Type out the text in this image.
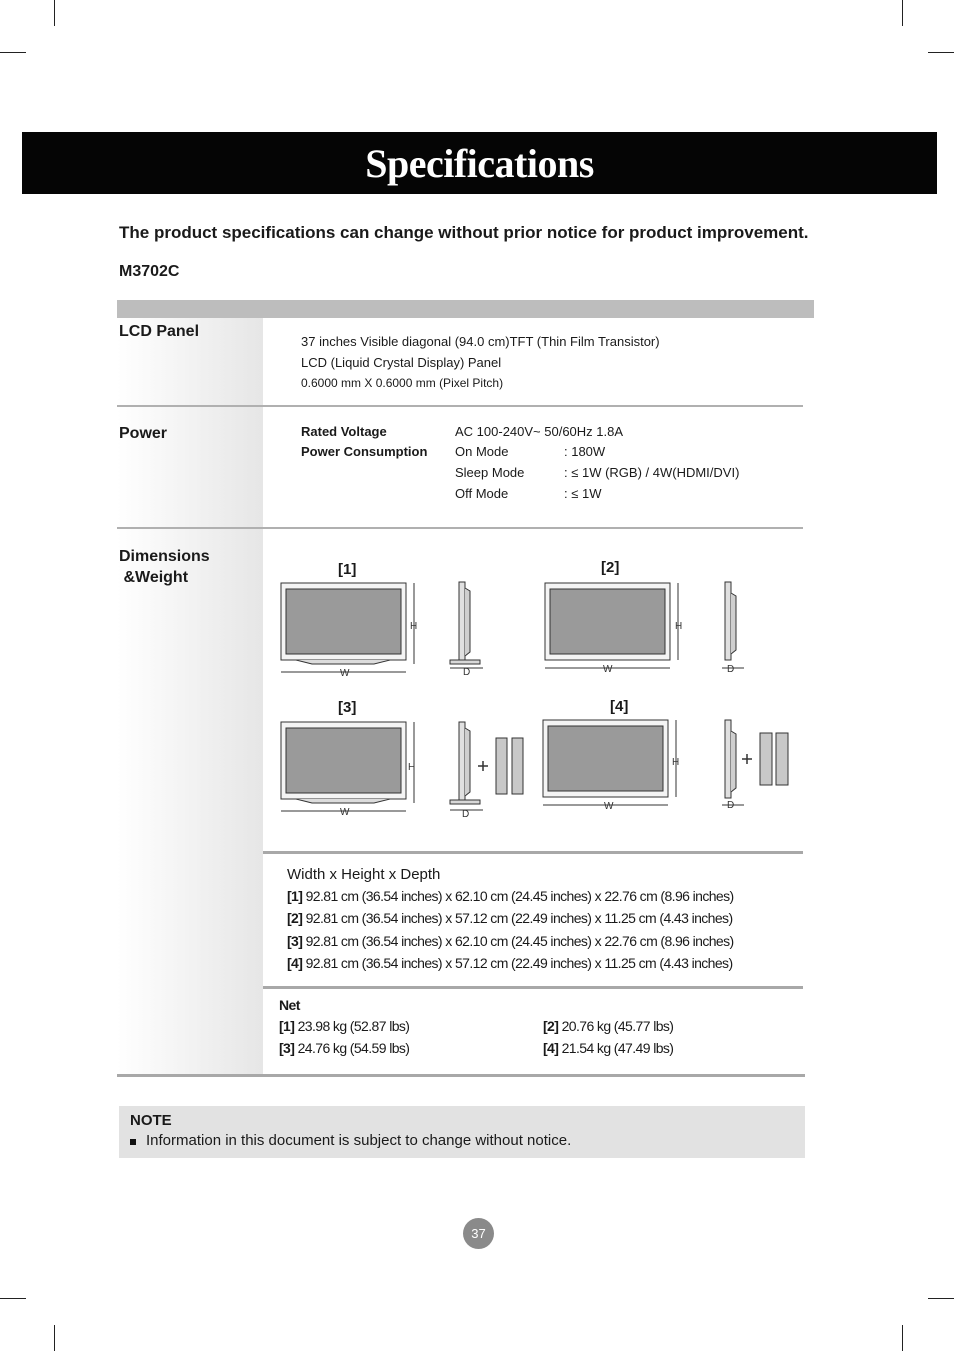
Specifications
The product specifications can change without prior notice for product improvement.
M3702C
LCD Panel
37 inches Visible diagonal (94.0 cm)TFT (Thin Film Transistor)
LCD (Liquid Crystal Display) Panel
0.6000 mm X 0.6000 mm (Pixel Pitch)
Power	Rated Voltage	AC 100-240V~ 50/60Hz 1.8A
Power Consumption On Mode	: 180W
Sleep Mode	: ≤ 1W (RGB) / 4W(HDMI/DVI)
Off Mode	: ≤ 1W
Dimensions
&Weight	[1]	[2]
[3]	[4]
W
H
D	W
H
D
W
H
D
W
H
D
Width x Height x Depth
[1] 92.81 cm (36.54 inches) x 62.10 cm (24.45 inches) x 22.76 cm (8.96 inches)
[2] 92.81 cm (36.54 inches) x 57.12 cm (22.49 inches) x 11.25 cm (4.43 inches)
[3] 92.81 cm (36.54 inches) x 62.10 cm (24.45 inches) x 22.76 cm (8.96 inches)
[4] 92.81 cm (36.54 inches) x 57.12 cm (22.49 inches) x 11.25 cm (4.43 inches)
Net
[1] 23.98 kg (52.87 lbs)	[2] 20.76 kg (45.77 lbs)
[3] 24.76 kg (54.59 lbs)	[4] 21.54 kg (47.49 lbs)
NOTE
Information in this document is subject to change without notice.
37
